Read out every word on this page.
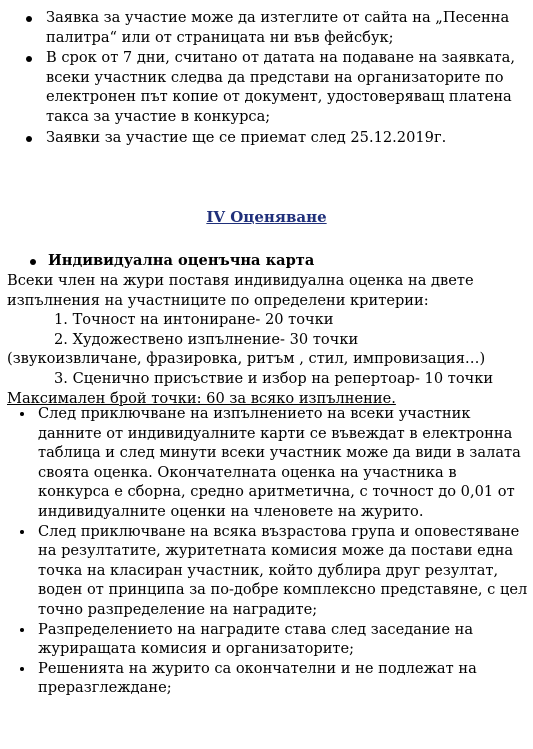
Заявка за участие може да изтеглите от сайта на „Песенна палитра“ или от страницата ни във фейсбук;
В срок от 7 дни, считано от датата на подаване на заявката, всеки участник следва да представи на организаторите по електронен път копие от документ, удостоверяващ платена такса за участие в конкурса;
Заявки за участие ще се приемат след 25.12.2019г.
IV Оценяване
Индивидуална оценъчна карта

Всеки член на жури поставя индивидуална оценка на двете изпълнения на участниците по определени критерии:

1. Точност на интониране- 20 точки

2. Художествено изпълнение- 30 точки

(звукоизвличане, фразировка, ритъм , стил, импровизация…)

3. Сценично присъствие и избор на репертоар- 10 точки

Максимален брой точки: 60 за всяко изпълнение.

След приключване на изпълнението на всеки участник данните от индивидуалните карти се въвеждат в електронна таблица и след минути всеки участник може да види в залата своята оценка. Окончателната оценка на участника в конкурса е сборна, средно аритметична, с точност до 0,01 от индивидуалните оценки на членовете на журито.
След приключване на всяка възрастова група и оповестяване на резултатите, журитетната комисия може да постави една точка на класиран участник, който дублира друг резултат, воден от принципа за по-добре комплексно представяне, с цел точно разпределение на наградите;
Разпределението на наградите става след заседание на журиращата комисия и организаторите;
Решенията на журито са окончателни и не подлежат на преразглеждане;
